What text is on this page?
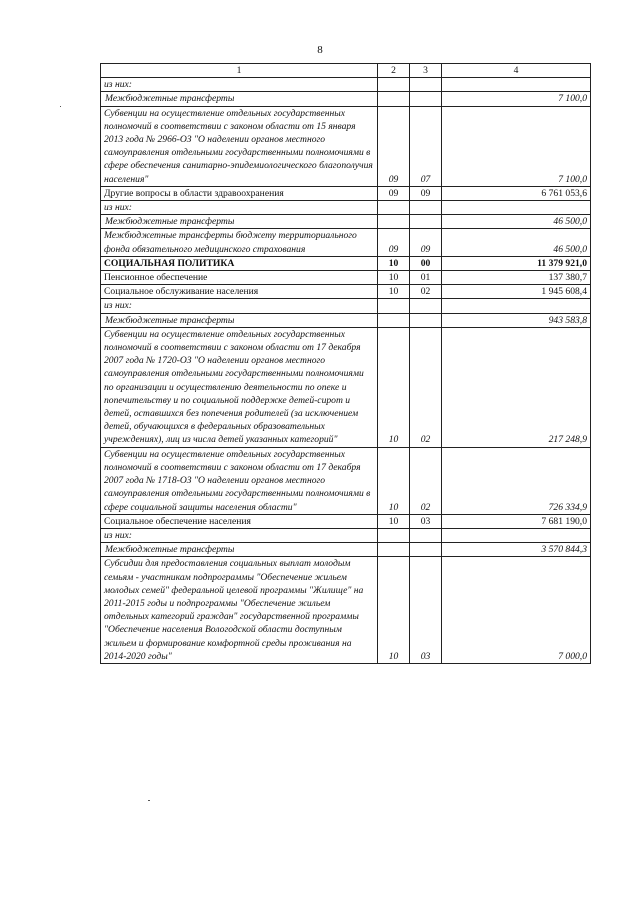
8
1	2	3	4
из них:			
Межбюджетные трансферты			7 100,0
Субвенции на осуществление отдельных государственных полномочий в соответствии с законом области от 15 января 2013 года № 2966-ОЗ "О наделении органов местного самоуправления отдельными государственными полномочиями в сфере обеспечения санитарно-эпидемиологического благополучия населения"	09	07	7 100,0
Другие вопросы в области здравоохранения	09	09	6 761 053,6
из них:			
Межбюджетные трансферты			46 500,0
Межбюджетные трансферты бюджету территориального фонда обязательного медицинского страхования	09	09	46 500,0
СОЦИАЛЬНАЯ ПОЛИТИКА	10	00	11 379 921,0
Пенсионное обеспечение	10	01	137 380,7
Социальное обслуживание населения	10	02	1 945 608,4
из них:			
Межбюджетные трансферты			943 583,8
Субвенции на осуществление отдельных государственных полномочий в соответствии с законом области от 17 декабря 2007 года № 1720-ОЗ "О наделении органов местного самоуправления отдельными государственными полномочиями по организации и осуществлению деятельности по опеке и попечительству и по социальной поддержке детей-сирот и детей, оставшихся без попечения родителей (за исключением детей, обучающихся в федеральных образовательных учреждениях), лиц из числа детей указанных категорий"	10	02	217 248,9
Субвенции на осуществление отдельных государственных полномочий в соответствии с законом области от 17 декабря 2007 года № 1718-ОЗ "О наделении органов местного самоуправления отдельными государственными полномочиями в сфере социальной защиты населения области"	10	02	726 334,9
Социальное обеспечение населения	10	03	7 681 190,0
из них:			
Межбюджетные трансферты			3 570 844,3
Субсидии для предоставления социальных выплат молодым семьям - участникам подпрограммы "Обеспечение жильем молодых семей" федеральной целевой программы "Жилище" на 2011-2015 годы и подпрограммы "Обеспечение жильем отдельных категорий граждан" государственной программы "Обеспечение населения Вологодской области доступным жильем и формирование комфортной среды проживания на 2014-2020 годы"	10	03	7 000,0
